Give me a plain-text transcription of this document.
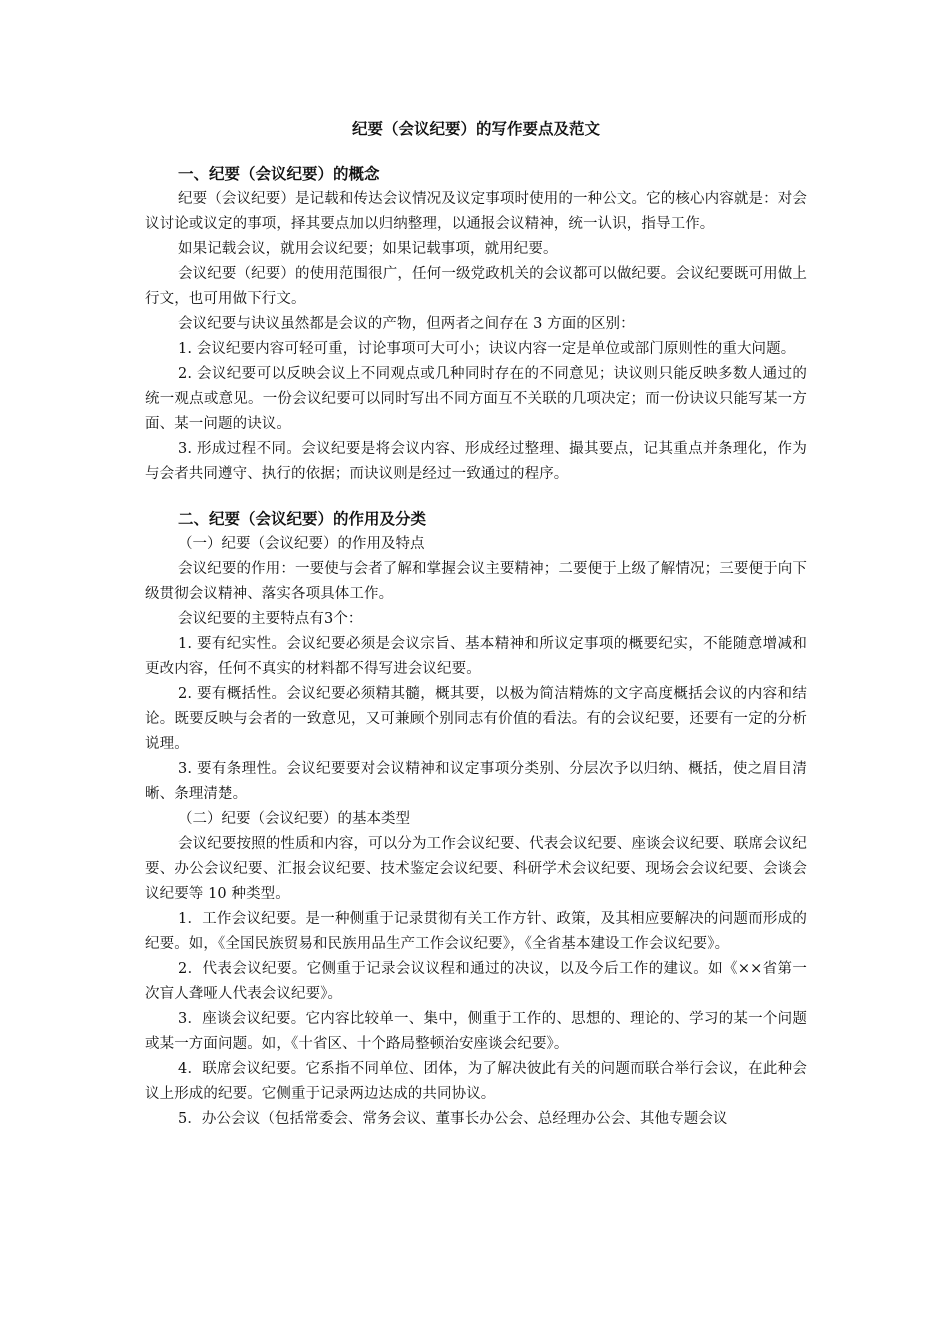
纪要（会议纪要）的写作要点及范文
一、纪要（会议纪要）的概念

纪要（会议纪要）是记载和传达会议情况及议定事项时使用的一种公文。它的核心内容就是：对会议讨论或议定的事项，择其要点加以归纳整理，以通报会议精神，统一认识，指导工作。

如果记载会议，就用会议纪要；如果记载事项，就用纪要。

会议纪要（纪要）的使用范围很广，任何一级党政机关的会议都可以做纪要。会议纪要既可用做上行文，也可用做下行文。

会议纪要与诀议虽然都是会议的产物，但两者之间存在 3 方面的区别：

1. 会议纪要内容可轻可重，讨论事项可大可小；诀议内容一定是单位或部门原则性的重大问题。

2. 会议纪要可以反映会议上不同观点或几种同时存在的不同意见；诀议则只能反映多数人通过的统一观点或意见。一份会议纪要可以同时写出不同方面互不关联的几项决定；而一份诀议只能写某一方面、某一问题的诀议。

3. 形成过程不同。会议纪要是将会议内容、形成经过整理、撮其要点，记其重点并条理化，作为与会者共同遵守、执行的依据；而诀议则是经过一致通过的程序。

二、纪要（会议纪要）的作用及分类
（一）纪要（会议纪要）的作用及特点

会议纪要的作用：一要使与会者了解和掌握会议主要精神；二要便于上级了解情况；三要便于向下级贯彻会议精神、落实各项具体工作。

会议纪要的主要特点有3个：

1. 要有纪实性。会议纪要必须是会议宗旨、基本精神和所议定事项的概要纪实，不能随意增减和更改内容，任何不真实的材料都不得写进会议纪要。

2. 要有概括性。会议纪要必须精其髓，概其要，以极为简洁精炼的文字高度概括会议的内容和结论。既要反映与会者的一致意见，又可兼顾个别同志有价值的看法。有的会议纪要，还要有一定的分析说理。

3. 要有条理性。会议纪要要对会议精神和议定事项分类别、分层次予以归纳、概括，使之眉目清晰、条理清楚。

（二）纪要（会议纪要）的基本类型

会议纪要按照的性质和内容，可以分为工作会议纪要、代表会议纪要、座谈会议纪要、联席会议纪要、办公会议纪要、汇报会议纪要、技术鉴定会议纪要、科研学术会议纪要、现场会会议纪要、会谈会议纪要等 10 种类型。

1．工作会议纪要。是一种侧重于记录贯彻有关工作方针、政策，及其相应要解决的问题而形成的纪要。如，《全国民族贸易和民族用品生产工作会议纪要》，《全省基本建设工作会议纪要》。

2．代表会议纪要。它侧重于记录会议议程和通过的决议，以及今后工作的建议。如《××省第一次盲人聋哑人代表会议纪要》。

3．座谈会议纪要。它内容比较单一、集中，侧重于工作的、思想的、理论的、学习的某一个问题或某一方面问题。如，《十省区、十个路局整顿治安座谈会纪要》。

4．联席会议纪要。它系指不同单位、团体，为了解决彼此有关的问题而联合举行会议，在此种会议上形成的纪要。它侧重于记录两边达成的共同协议。

5．办公会议（包括常委会、常务会议、董事长办公会、总经理办公会、其他专题会议
